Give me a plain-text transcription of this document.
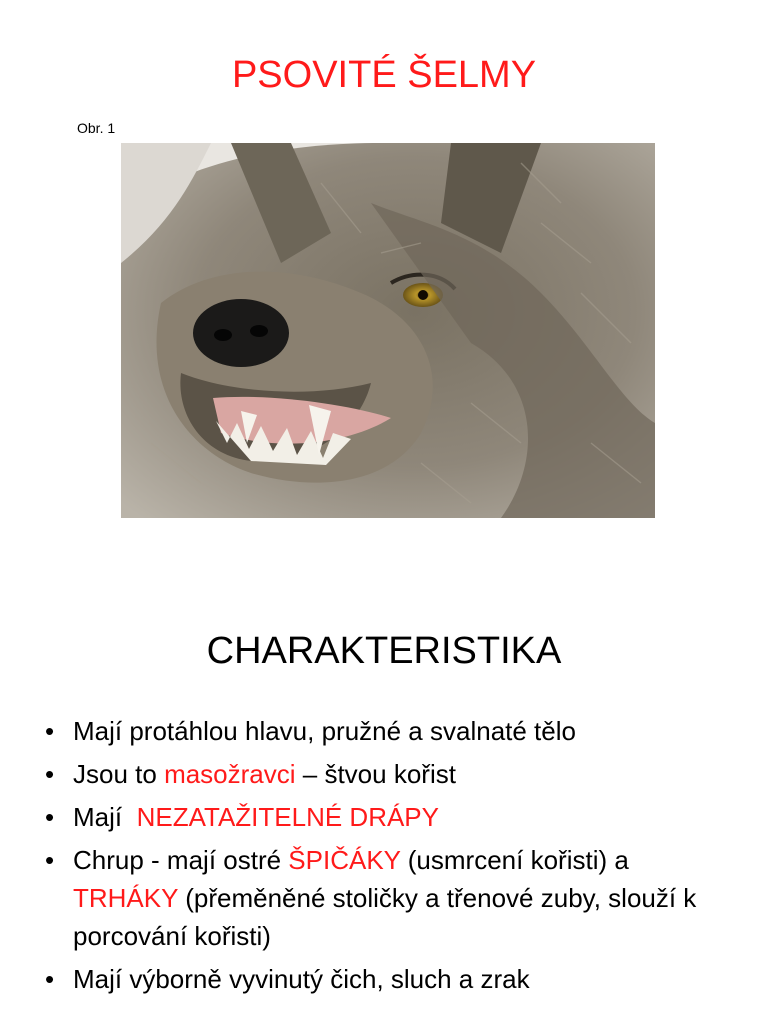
PSOVITÉ ŠELMY
Obr. 1
CHARAKTERISTIKA
• Mají protáhlou hlavu, pružné a svalnaté tělo
• Jsou to masožravci – štvou kořist
• Mají  NEZATAŽITELNÉ DRÁPY
• Chrup - mají ostré ŠPIČÁKY (usmrcení kořisti) a TRHÁKY (přeměněné stoličky a třenové zuby, slouží k porcování kořisti)
• Mají výborně vyvinutý čich, sluch a zrak
